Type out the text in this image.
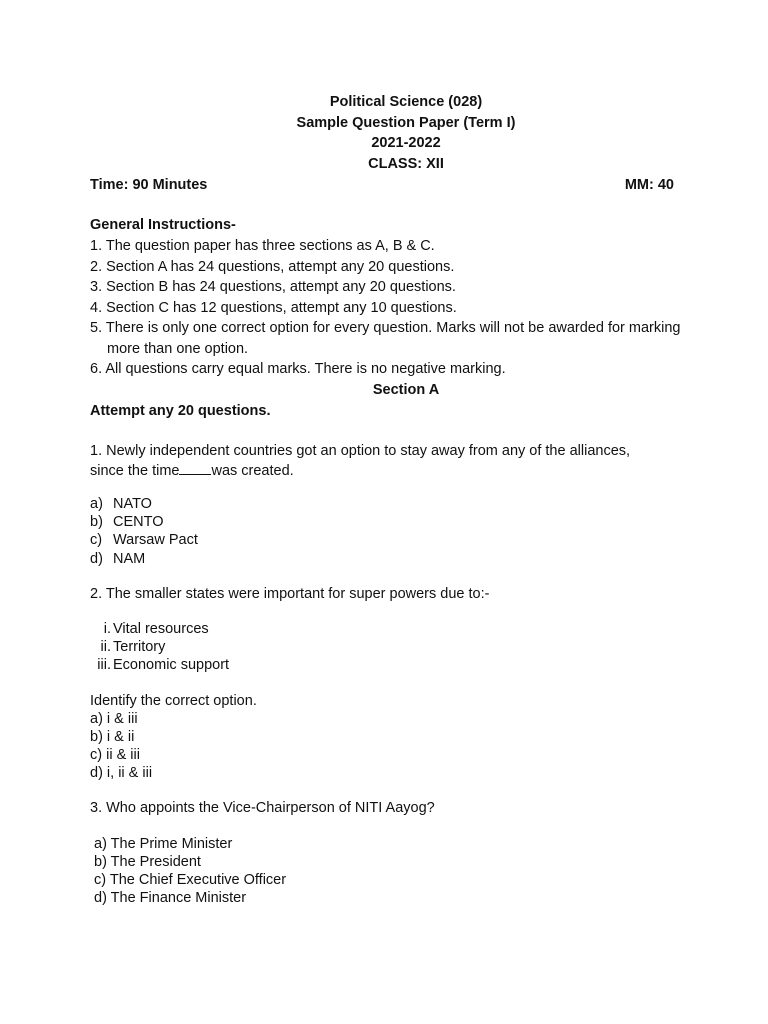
Political Science (028)
Sample Question Paper (Term I)
2021-2022
CLASS: XII
Time: 90 Minutes	MM: 40
General Instructions-
1. The question paper has three sections as A, B & C.
2. Section A has 24 questions, attempt any 20 questions.
3. Section B has 24 questions, attempt any 20 questions.
4. Section C has 12 questions, attempt any 10 questions.
5. There is only one correct option for every question. Marks will not be awarded for marking more than one option.
6. All questions carry equal marks. There is no negative marking.
Section A
Attempt any 20 questions.
1. Newly independent countries got an option to stay away from any of the alliances,
since the time was created.
a) NATO
b) CENTO
c) Warsaw Pact
d) NAM
2. The smaller states were important for super powers due to:-
i. Vital resources
ii. Territory
iii. Economic support
Identify the correct option.
a) i & iii
b) i & ii
c) ii & iii
d) i, ii & iii
3. Who appoints the Vice-Chairperson of NITI Aayog?
a) The Prime Minister
b) The President
c) The Chief Executive Officer
d) The Finance Minister
